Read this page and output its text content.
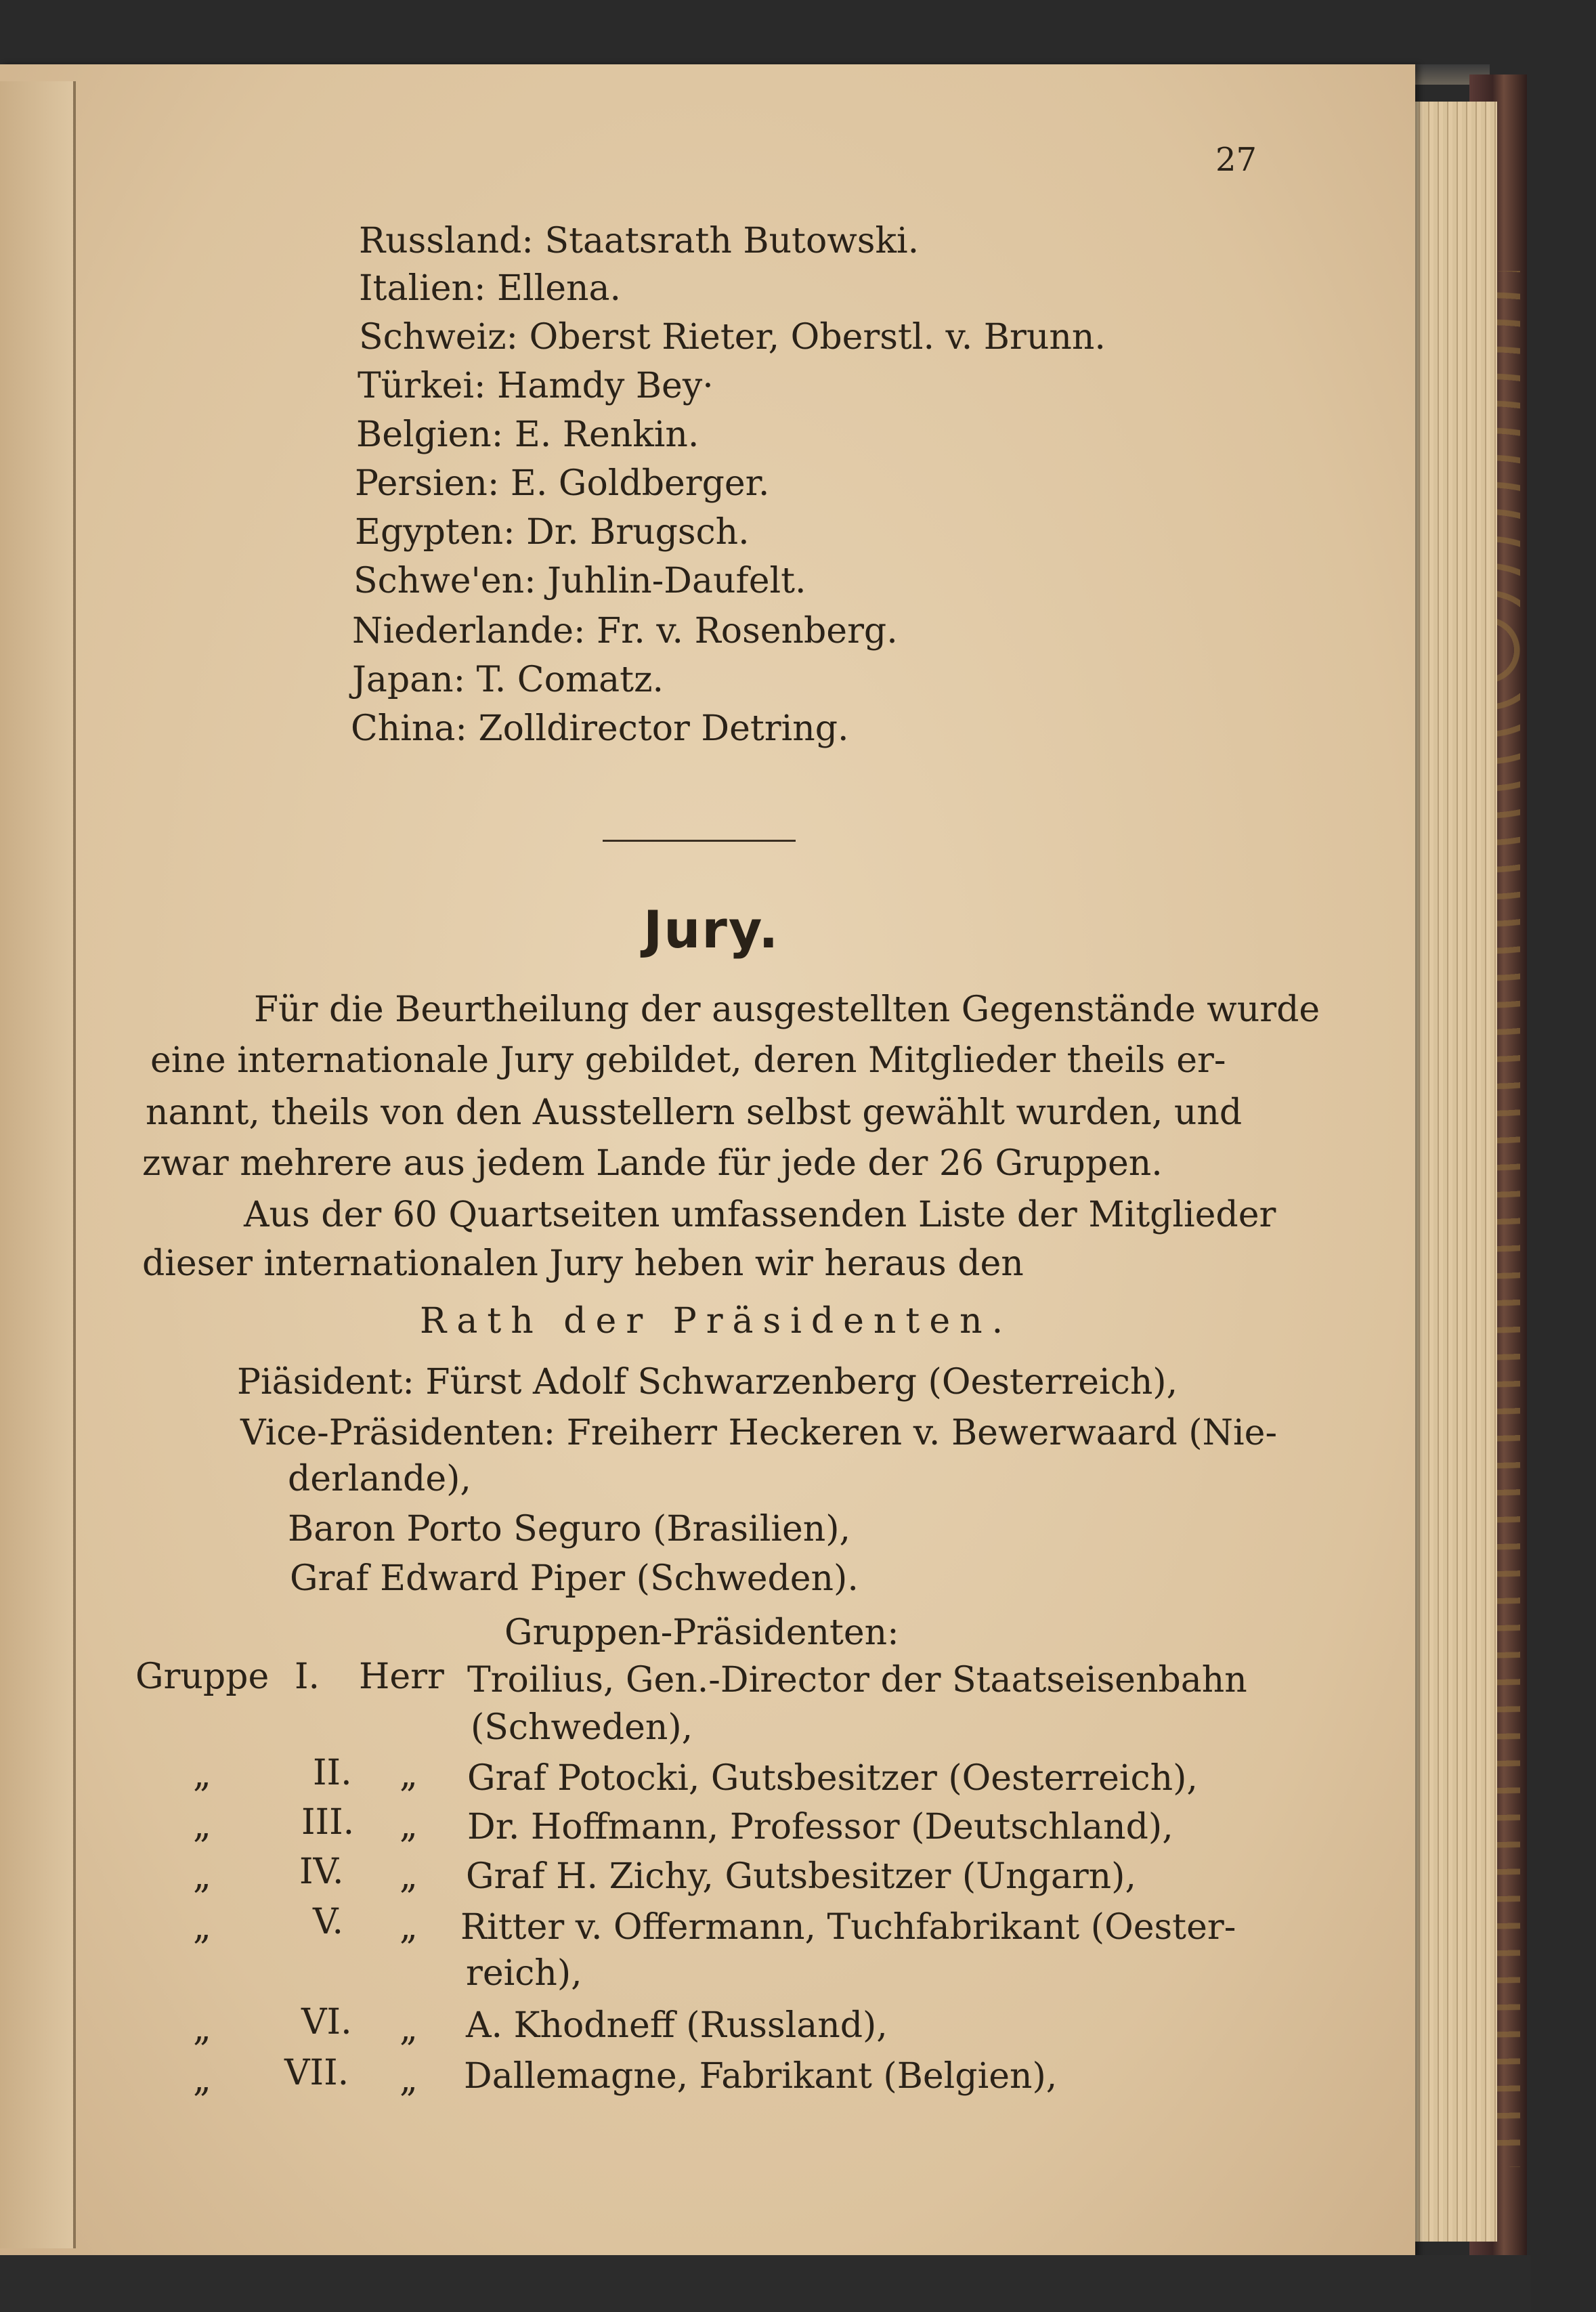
27
Russland: Staatsrath Butowski.
Italien: Ellena.
Schweiz: Oberst Rieter, Oberstl. v. Brunn.
Türkei: Hamdy Bey·
Belgien: E. Renkin.
Persien: E. Goldberger.
Egypten: Dr. Brugsch.
Schwe'en: Juhlin-Daufelt.
Niederlande: Fr. v. Rosenberg.
Japan: T. Comatz.
China: Zolldirector Detring.
Jury.
Für die Beurtheilung der ausgestellten Gegenstände wurde
eine internationale Jury gebildet, deren Mitglieder theils er-
nannt, theils von den Ausstellern selbst gewählt wurden, und
zwar mehrere aus jedem Lande für jede der 26 Gruppen.
Aus der 60 Quartseiten umfassenden Liste der Mitglieder
dieser internationalen Jury heben wir heraus den
Rath der Präsidenten.
Piäsident: Fürst Adolf Schwarzenberg (Oesterreich),
Vice-Präsidenten: Freiherr Heckeren v. Bewerwaard (Nie-
derlande),
Baron Porto Seguro (Brasilien),
Graf Edward Piper (Schweden).
Gruppen-Präsidenten:
Gruppe I. Herr Troilius, Gen.-Director der Staatseisenbahn
(Schweden),
„	II. „ Graf Potocki, Gutsbesitzer (Oesterreich),
„	III. „ Dr. Hoffmann, Professor (Deutschland),
„	IV. „ Graf H. Zichy, Gutsbesitzer (Ungarn),
„	V. „ Ritter v. Offermann, Tuchfabrikant (Oester-
reich),
„	VI. „ A. Khodneff (Russland),
„ VII. „ Dallemagne, Fabrikant (Belgien),
